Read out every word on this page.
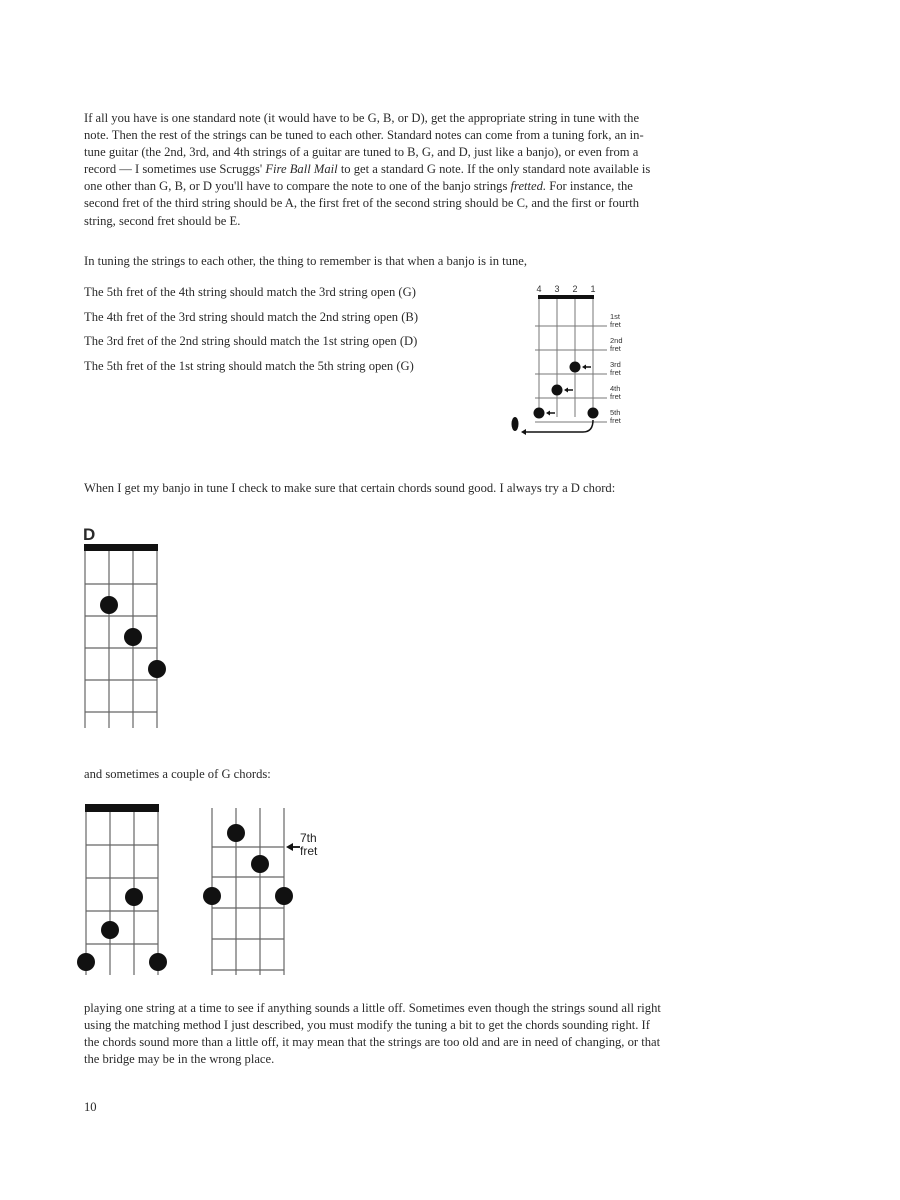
If all you have is one standard note (it would have to be G, B, or D), get the appropriate string in tune with the note. Then the rest of the strings can be tuned to each other. Standard notes can come from a tuning fork, an in-tune guitar (the 2nd, 3rd, and 4th strings of a guitar are tuned to B, G, and D, just like a banjo), or even from a record — I sometimes use Scruggs' Fire Ball Mail to get a standard G note. If the only standard note available is one other than G, B, or D you'll have to compare the note to one of the banjo strings fretted. For instance, the second fret of the third string should be A, the first fret of the second string should be C, and the first or fourth string, second fret should be E.

In tuning the strings to each other, the thing to remember is that when a banjo is in tune,

The 5th fret of the 4th string should match the 3rd string open (G)
The 4th fret of the 3rd string should match the 2nd string open (B)
The 3rd fret of the 2nd string should match the 1st string open (D)
The 5th fret of the 1st string should match the 5th string open (G)
4 3 2 1
1st
fret
2nd
fret
3rd
fret
4th
fret
5th
fret

When I get my banjo in tune I check to make sure that certain chords sound good. I always try a D chord:

D

and sometimes a couple of G chords:

7th
fret

playing one string at a time to see if anything sounds a little off. Sometimes even though the strings sound all right using the matching method I just described, you must modify the tuning a bit to get the chords sounding right. If the chords sound more than a little off, it may mean that the strings are too old and are in need of changing, or that the bridge may be in the wrong place.

10
